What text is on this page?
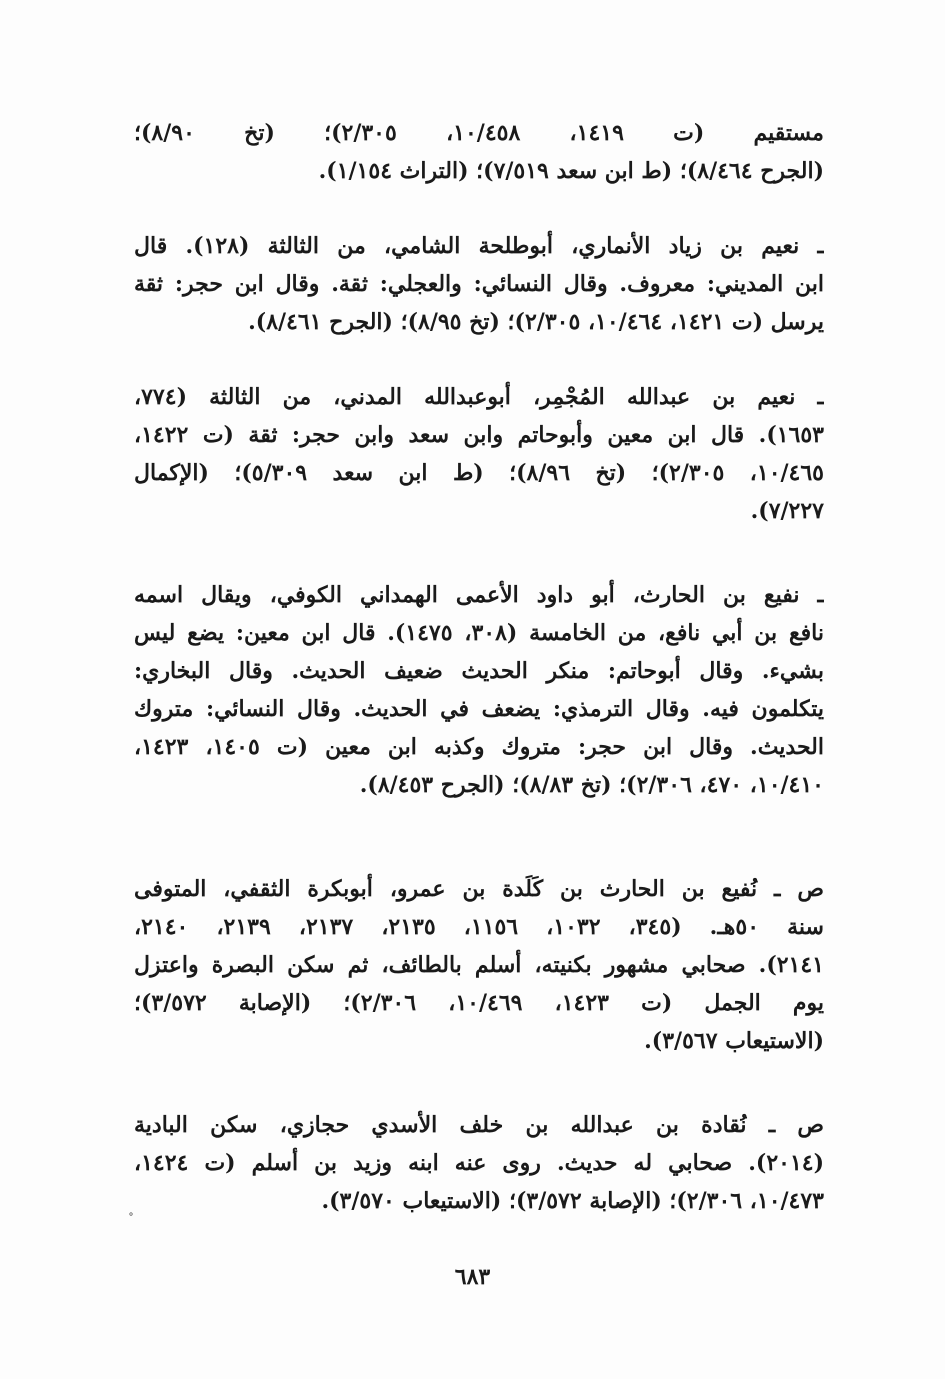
مستقيم (ت ١٤١٩، ١٠/٤٥٨، ٢/٣٠٥)؛ (تخ ٨/٩٠)؛
(الجرح ٨/٤٦٤)؛ (ط ابن سعد ٧/٥١٩)؛ (التراث ١/١٥٤).
ـ نعيم بن زياد الأنماري، أبوطلحة الشامي، من الثالثة (١٢٨). قال
ابن المديني: معروف. وقال النسائي: والعجلي: ثقة. وقال ابن حجر: ثقة
يرسل (ت ١٤٢١، ١٠/٤٦٤، ٢/٣٠٥)؛ (تخ ٨/٩٥)؛ (الجرح ٨/٤٦١).
ـ نعيم بن عبدالله المُجْمِر، أبوعبدالله المدني، من الثالثة (٧٧٤،
١٦٥٣). قال ابن معين وأبوحاتم وابن سعد وابن حجر: ثقة (ت ١٤٢٢،
١٠/٤٦٥، ٢/٣٠٥)؛ (تخ ٨/٩٦)؛ (ط ابن سعد ٥/٣٠٩)؛ (الإكمال
٧/٢٢٧).
ـ نفيع بن الحارث، أبو داود الأعمى الهمداني الكوفي، ويقال اسمه
نافع بن أبي نافع، من الخامسة (٣٠٨، ١٤٧٥). قال ابن معين: يضع ليس
بشيء. وقال أبوحاتم: منكر الحديث ضعيف الحديث. وقال البخاري:
يتكلمون فيه. وقال الترمذي: يضعف في الحديث. وقال النسائي: متروك
الحديث. وقال ابن حجر: متروك وكذبه ابن معين (ت ١٤٠٥، ١٤٢٣،
١٠/٤١٠، ٤٧٠، ٢/٣٠٦)؛ (تخ ٨/٨٣)؛ (الجرح ٨/٤٥٣).
ص ـ نُفيع بن الحارث بن كَلَدة بن عمرو، أبوبكرة الثقفي، المتوفى
سنة ٥٠هـ. (٣٤٥، ١٠٣٢، ١١٥٦، ٢١٣٥، ٢١٣٧، ٢١٣٩، ٢١٤٠،
٢١٤١). صحابي مشهور بكنيته، أسلم بالطائف، ثم سكن البصرة واعتزل
يوم الجمل (ت ١٤٢٣، ١٠/٤٦٩، ٢/٣٠٦)؛ (الإصابة ٣/٥٧٢)؛
(الاستيعاب ٣/٥٦٧).
ص ـ نُقادة بن عبدالله بن خلف الأسدي حجازي، سكن البادية
(٢٠١٤). صحابي له حديث. روى عنه ابنه وزيد بن أسلم (ت ١٤٢٤،
١٠/٤٧٣، ٢/٣٠٦)؛ (الإصابة ٣/٥٧٢)؛ (الاستيعاب ٣/٥٧٠).
˚
٦٨٣
